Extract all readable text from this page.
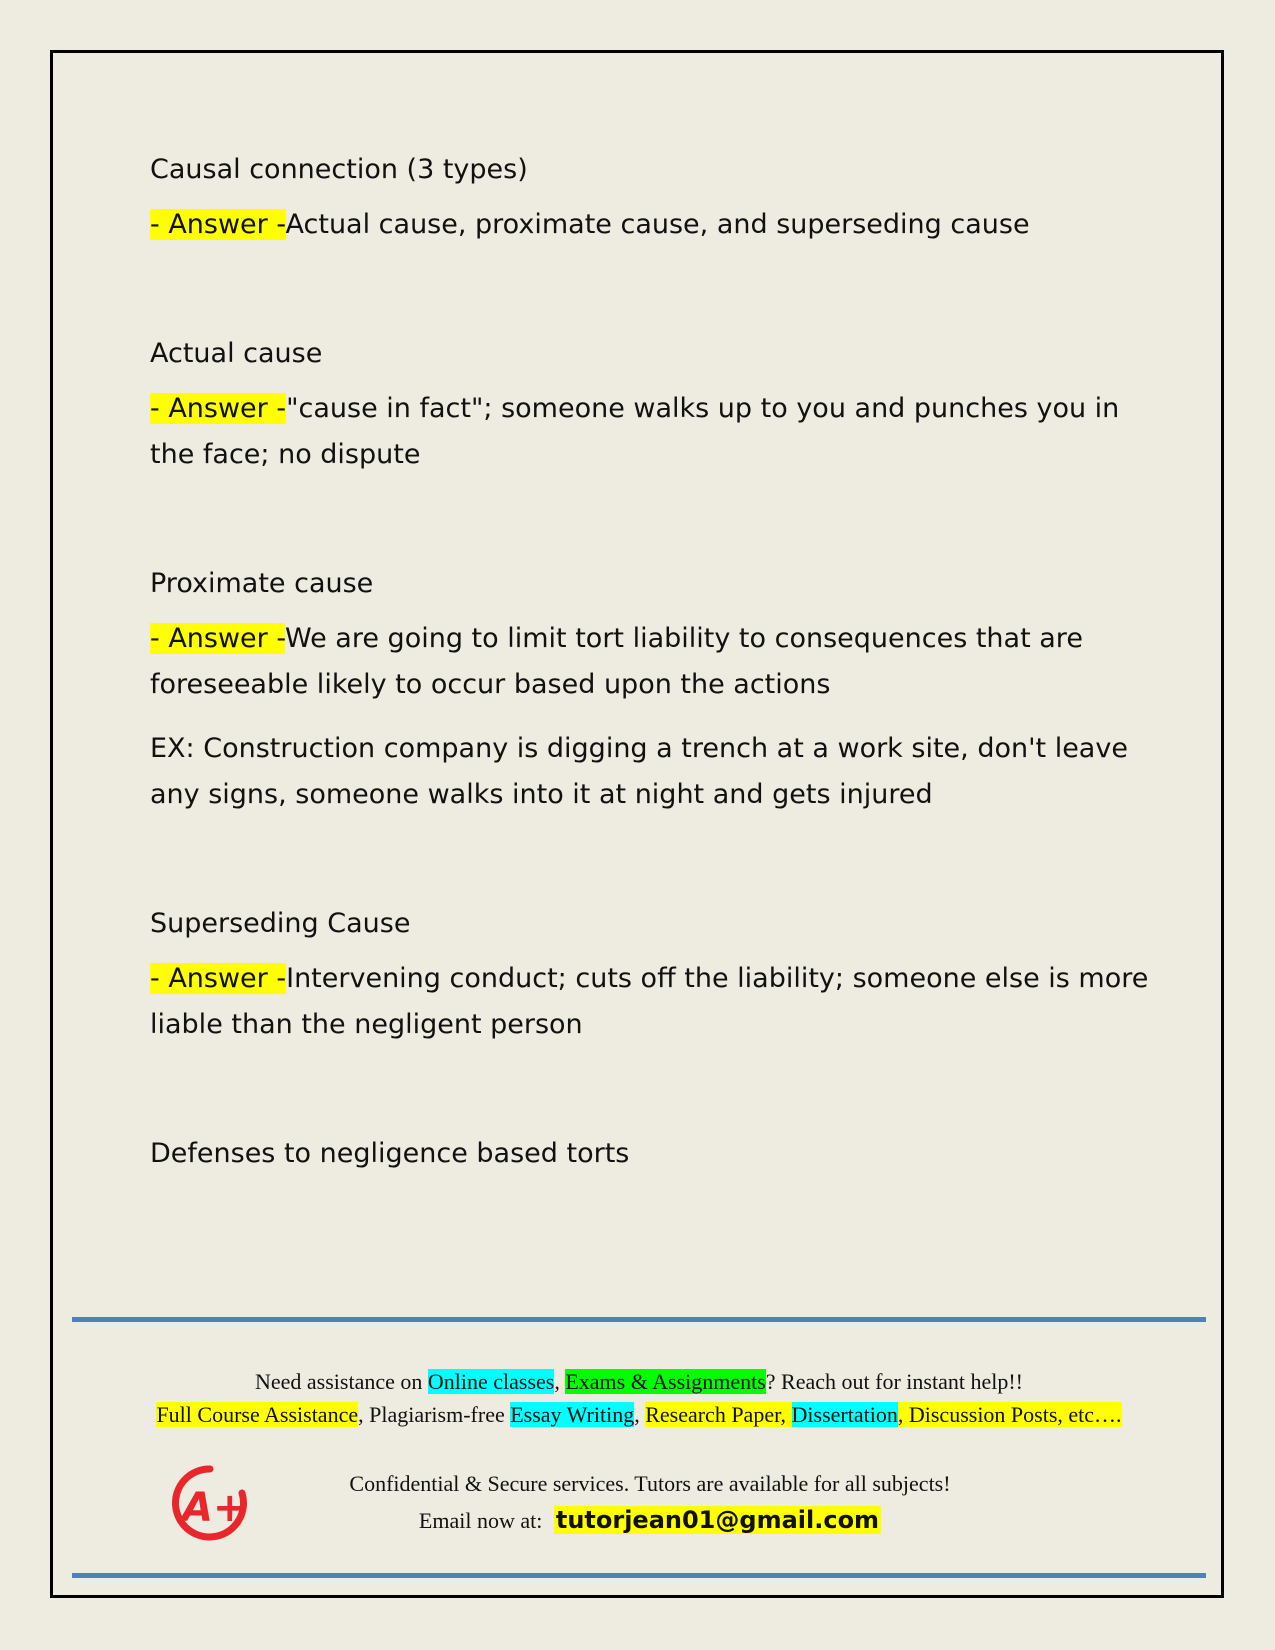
Causal connection (3 types)

- Answer -Actual cause, proximate cause, and superseding cause

Actual cause

- Answer -"cause in fact"; someone walks up to you and punches you in the face; no dispute

Proximate cause

- Answer -We are going to limit tort liability to consequences that are foreseeable likely to occur based upon the actions

EX: Construction company is digging a trench at a work site, don't leave any signs, someone walks into it at night and gets injured

Superseding Cause

- Answer -Intervening conduct; cuts off the liability; someone else is more liable than the negligent person

Defenses to negligence based torts

Need assistance on Online classes, Exams & Assignments? Reach out for instant help!!
Full Course Assistance, Plagiarism-free Essay Writing, Research Paper, Dissertation, Discussion Posts, etc….
A+
Confidential & Secure services. Tutors are available for all subjects!
Email now at: tutorjean01@gmail.com
